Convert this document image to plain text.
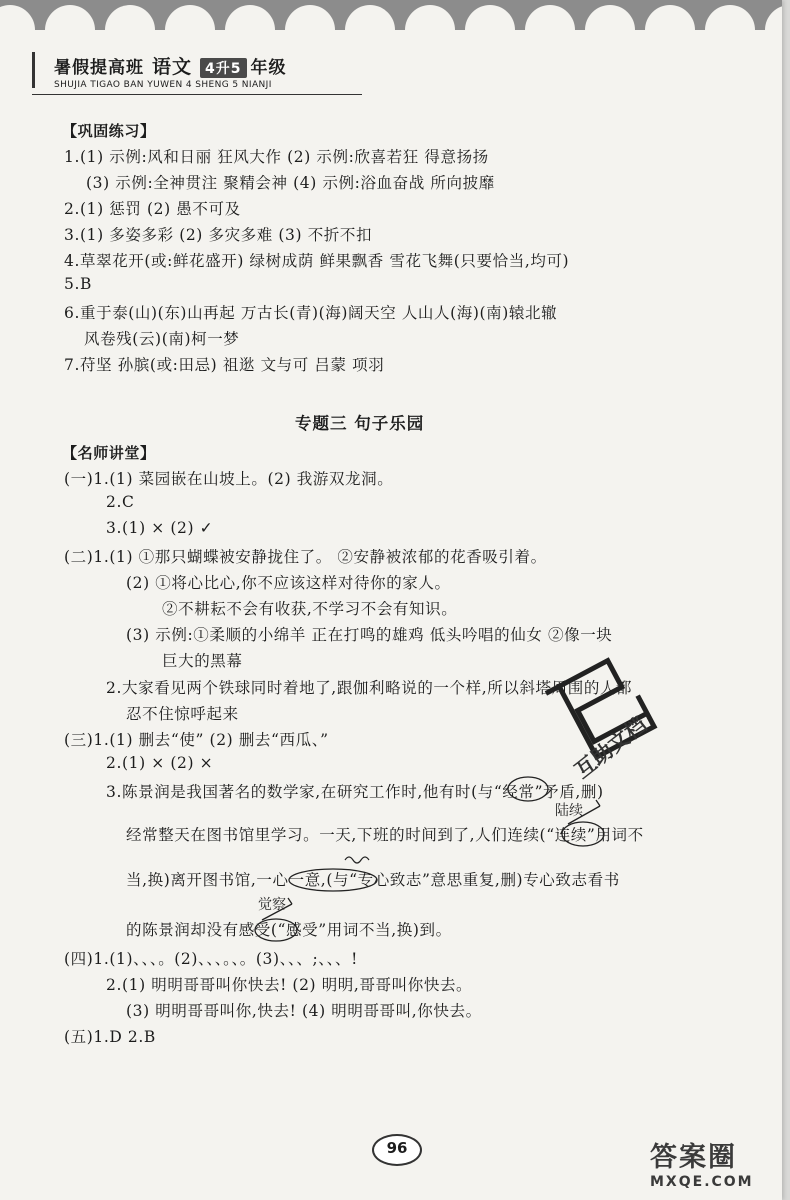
暑假提高班 语文 4升5 年级
SHUJIA TIGAO BAN YUWEN 4 SHENG 5 NIANJI
【巩固练习】
1.(1) 示例:风和日丽 狂风大作 (2) 示例:欣喜若狂 得意扬扬
(3) 示例:全神贯注 聚精会神 (4) 示例:浴血奋战 所向披靡
2.(1) 惩罚 (2) 愚不可及
3.(1) 多姿多彩 (2) 多灾多难 (3) 不折不扣
4.草翠花开(或:鲜花盛开) 绿树成荫 鲜果飘香 雪花飞舞(只要恰当,均可)
5.B
6.重于泰(山)(东)山再起 万古长(青)(海)阔天空 人山人(海)(南)辕北辙
风卷残(云)(南)柯一梦
7.苻坚 孙膑(或:田忌) 祖逖 文与可 吕蒙 项羽
专题三 句子乐园
【名师讲堂】
(一)1.(1) 菜园嵌在山坡上。(2) 我游双龙洞。
2.C
3.(1) × (2) ✓
(二)1.(1) ①那只蝴蝶被安静拢住了。 ②安静被浓郁的花香吸引着。
(2) ①将心比心,你不应该这样对待你的家人。
②不耕耘不会有收获,不学习不会有知识。
(3) 示例:①柔顺的小绵羊 正在打鸣的雄鸡 低头吟唱的仙女 ②像一块
巨大的黑幕
2.大家看见两个铁球同时着地了,跟伽利略说的一个样,所以斜塔周围的人都
忍不住惊呼起来
(三)1.(1) 删去“使” (2) 删去“西瓜、”
2.(1) × (2) ×
3.陈景润是我国著名的数学家,在研究工作时,他有时(与“经常”矛盾,删)
经常整天在图书馆里学习。一天,下班的时间到了,人们连续(“连续”用词不
当,换)离开图书馆,一心一意,(与“专心致志”意思重复,删)专心致志看书
的陈景润却没有感受(“感受”用词不当,换)到。
(四)1.(1)、、、。(2)、、、。、。(3)、、、;、、、!
2.(1) 明明哥哥叫你快去! (2) 明明,哥哥叫你快去。
(3) 明明哥哥叫你,快去! (4) 明明哥哥叫,你快去。
(五)1.D 2.B
陆续
觉察
互助文档
96	答案圈
MXQE.COM
